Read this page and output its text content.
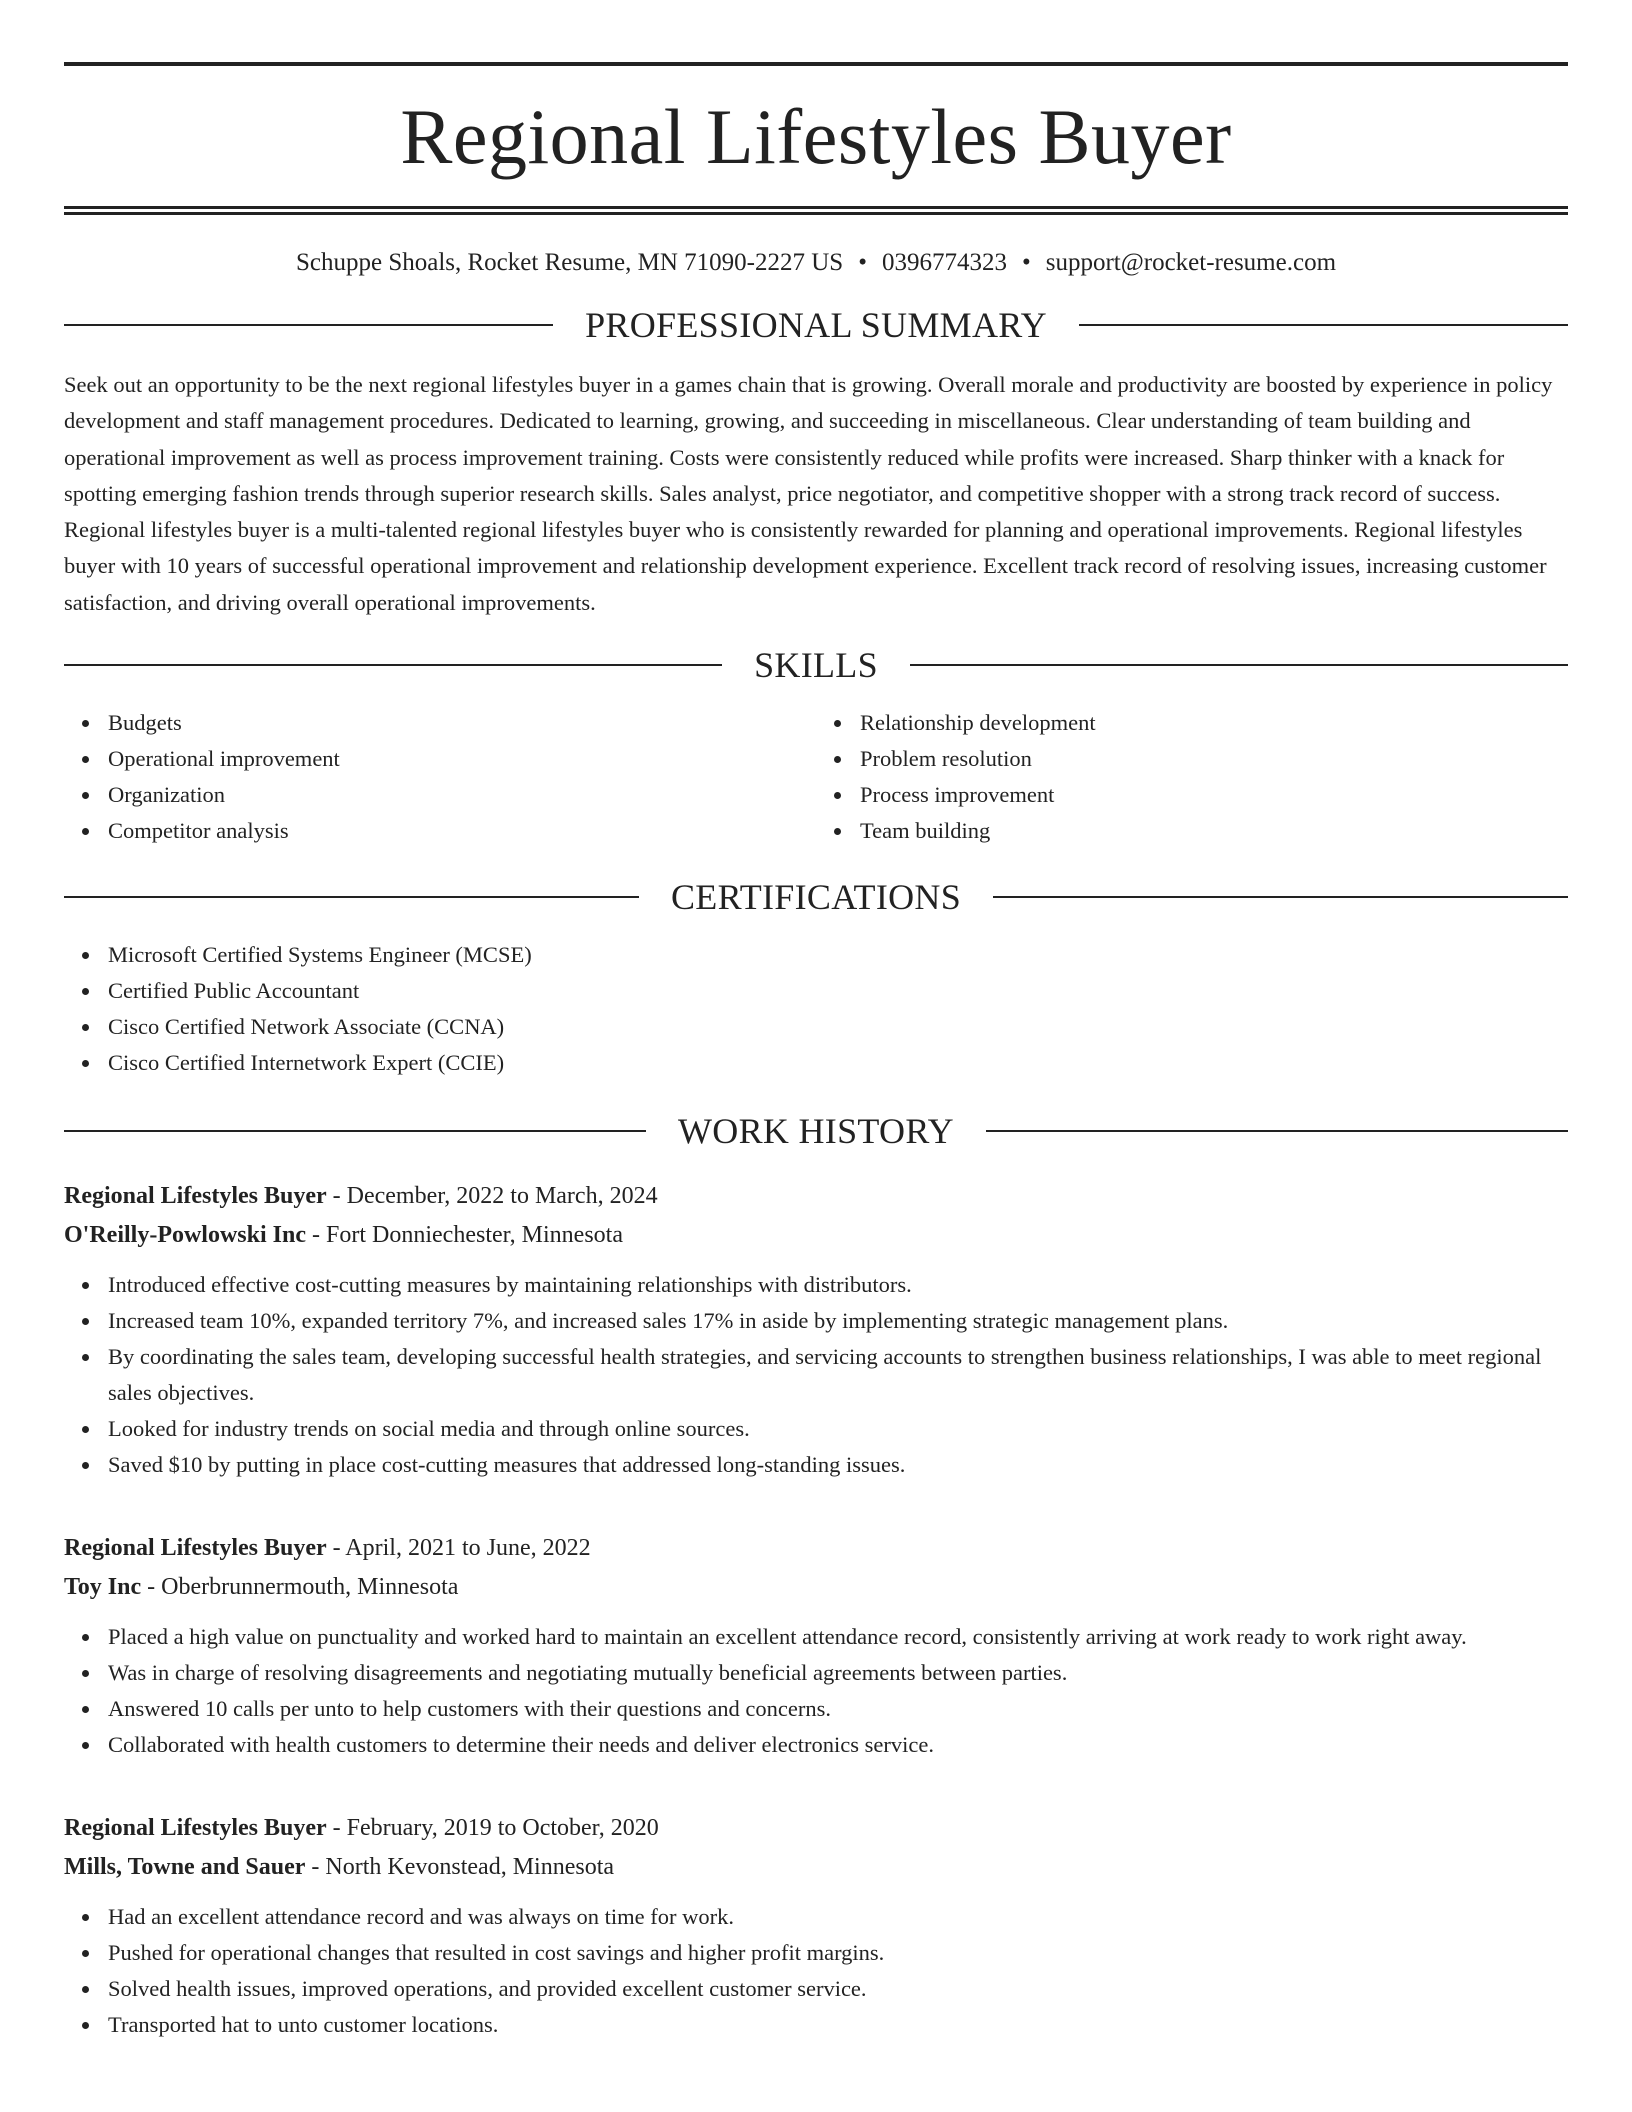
Regional Lifestyles Buyer
Schuppe Shoals, Rocket Resume, MN 71090-2227 US • 0396774323 • support@rocket-resume.com
PROFESSIONAL SUMMARY

Seek out an opportunity to be the next regional lifestyles buyer in a games chain that is growing. Overall morale and productivity are boosted by experience in policy development and staff management procedures. Dedicated to learning, growing, and succeeding in miscellaneous. Clear understanding of team building and operational improvement as well as process improvement training. Costs were consistently reduced while profits were increased. Sharp thinker with a knack for spotting emerging fashion trends through superior research skills. Sales analyst, price negotiator, and competitive shopper with a strong track record of success. Regional lifestyles buyer is a multi-talented regional lifestyles buyer who is consistently rewarded for planning and operational improvements. Regional lifestyles buyer with 10 years of successful operational improvement and relationship development experience. Excellent track record of resolving issues, increasing customer satisfaction, and driving overall operational improvements.

SKILLS
Budgets
Operational improvement
Organization
Competitor analysis
Relationship development
Problem resolution
Process improvement
Team building
CERTIFICATIONS
Microsoft Certified Systems Engineer (MCSE)
Certified Public Accountant
Cisco Certified Network Associate (CCNA)
Cisco Certified Internetwork Expert (CCIE)
WORK HISTORY
Regional Lifestyles Buyer - December, 2022 to March, 2024
O'Reilly-Powlowski Inc - Fort Donniechester, Minnesota
Introduced effective cost-cutting measures by maintaining relationships with distributors.
Increased team 10%, expanded territory 7%, and increased sales 17% in aside by implementing strategic management plans.
By coordinating the sales team, developing successful health strategies, and servicing accounts to strengthen business relationships, I was able to meet regional sales objectives.
Looked for industry trends on social media and through online sources.
Saved $10 by putting in place cost-cutting measures that addressed long-standing issues.
Regional Lifestyles Buyer - April, 2021 to June, 2022
Toy Inc - Oberbrunnermouth, Minnesota
Placed a high value on punctuality and worked hard to maintain an excellent attendance record, consistently arriving at work ready to work right away.
Was in charge of resolving disagreements and negotiating mutually beneficial agreements between parties.
Answered 10 calls per unto to help customers with their questions and concerns.
Collaborated with health customers to determine their needs and deliver electronics service.
Regional Lifestyles Buyer - February, 2019 to October, 2020
Mills, Towne and Sauer - North Kevonstead, Minnesota
Had an excellent attendance record and was always on time for work.
Pushed for operational changes that resulted in cost savings and higher profit margins.
Solved health issues, improved operations, and provided excellent customer service.
Transported hat to unto customer locations.
